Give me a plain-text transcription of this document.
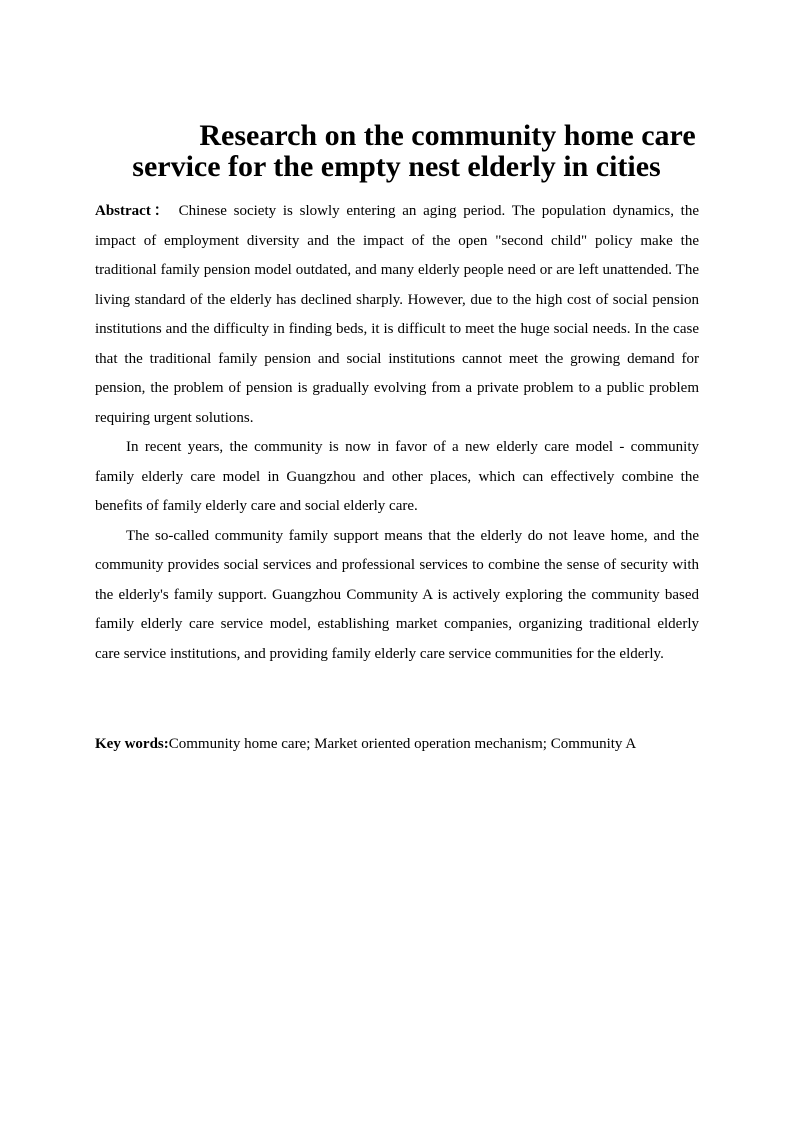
Research on the community home care
service for the empty nest elderly in cities

Abstract： Chinese society is slowly entering an aging period. The population dynamics, the impact of employment diversity and the impact of the open "second child" policy make the traditional family pension model outdated, and many elderly people need or are left unattended. The living standard of the elderly has declined sharply. However, due to the high cost of social pension institutions and the difficulty in finding beds, it is difficult to meet the huge social needs. In the case that the traditional family pension and social institutions cannot meet the growing demand for pension, the problem of pension is gradually evolving from a private problem to a public problem requiring urgent solutions.

In recent years, the community is now in favor of a new elderly care model - community family elderly care model in Guangzhou and other places, which can effectively combine the benefits of family elderly care and social elderly care.

The so-called community family support means that the elderly do not leave home, and the community provides social services and professional services to combine the sense of security with the elderly's family support. Guangzhou Community A is actively exploring the community based family elderly care service model, establishing market companies, organizing traditional elderly care service institutions, and providing family elderly care service communities for the elderly.

Key words:Community home care; Market oriented operation mechanism; Community A
